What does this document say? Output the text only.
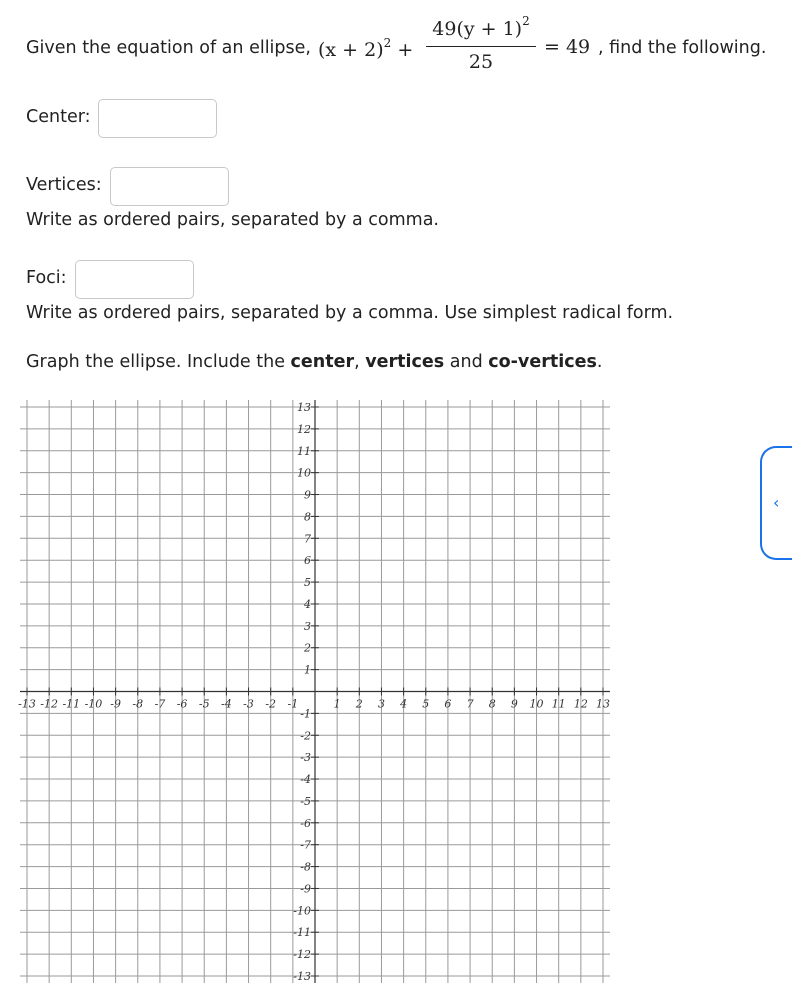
Given the equation of an ellipse, $(x + 2)^2 + \frac{49(y + 1)^2}{25} = 49$ , find the following.
Center:
Vertices:
Write as ordered pairs, separated by a comma.
Foci:
Write as ordered pairs, separated by a comma. Use simplest radical form.
Graph the ellipse. Include the center, vertices and co-vertices.
‹
-13 -12 -11 -10 -9 -8 -7 -6 -5 -4 -3 -2 -1	1 2 3 4 5 6 7 8 9 10 11 12 13
-13
-12
-11
-10
-9
-8
-7
-6
-5
-4
-3
-2
-1
1
2
3
4
5
6
7
8
9
10
11
12
13
